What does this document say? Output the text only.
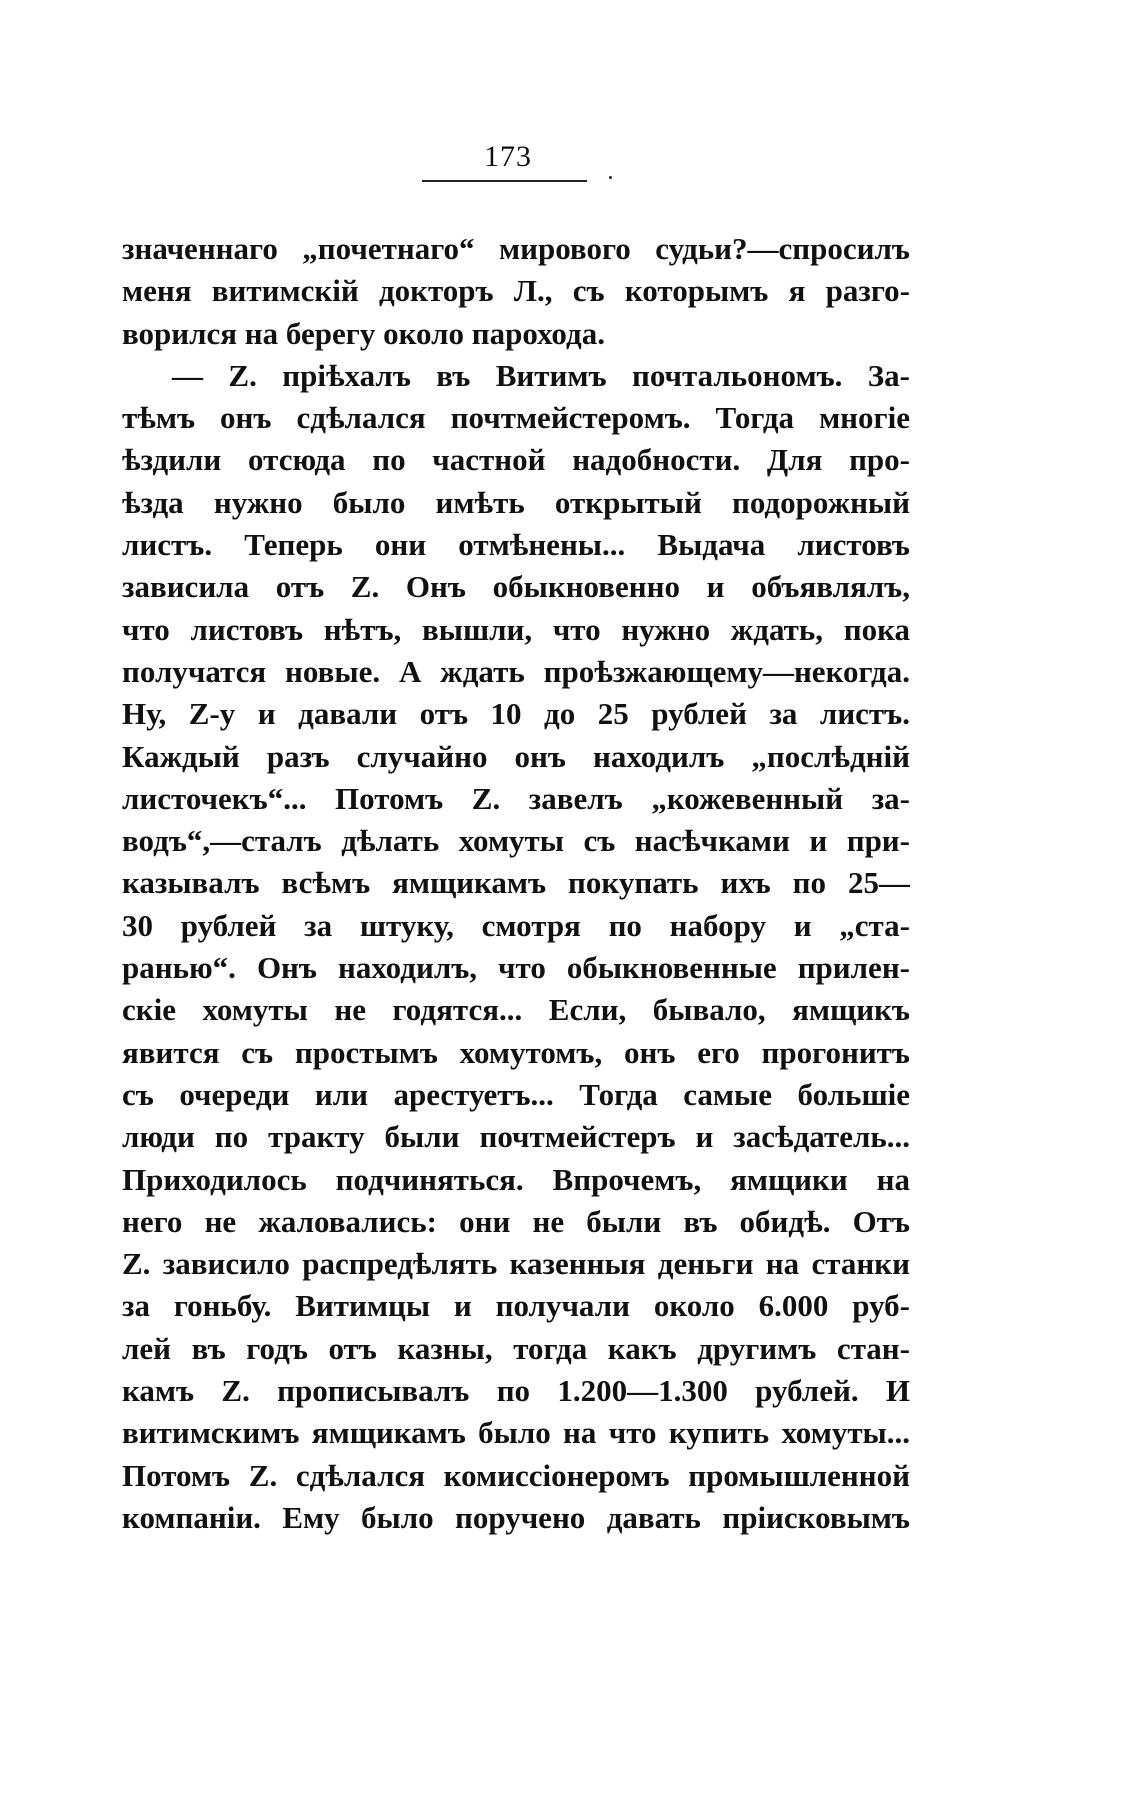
173
значеннаго „почетнаго“ мирового судьи?—спросилъ
меня витимскій докторъ Л., съ которымъ я разго-
ворился на берегу около парохода.
— Z. пріѣхалъ въ Витимъ почтальономъ. За-
тѣмъ онъ сдѣлался почтмейстеромъ. Тогда многіе
ѣздили отсюда по частной надобности. Для про-
ѣзда нужно было имѣть открытый подорожный
листъ. Теперь они отмѣнены... Выдача листовъ
зависила отъ Z. Онъ обыкновенно и объявлялъ,
что листовъ нѣтъ, вышли, что нужно ждать, пока
получатся новые. А ждать проѣзжающему—некогда.
Ну, Z-у и давали отъ 10 до 25 рублей за листъ.
Каждый разъ случайно онъ находилъ „послѣдній
листочекъ“... Потомъ Z. завелъ „кожевенный за-
водъ“,—сталъ дѣлать хомуты съ насѣчками и при-
казывалъ всѣмъ ямщикамъ покупать ихъ по 25—
30 рублей за штуку, смотря по набору и „ста-
ранью“. Онъ находилъ, что обыкновенные прилен-
скіе хомуты не годятся... Если, бывало, ямщикъ
явится съ простымъ хомутомъ, онъ его прогонитъ
съ очереди или арестуетъ... Тогда самые большіе
люди по тракту были почтмейстеръ и засѣдатель...
Приходилось подчиняться. Впрочемъ, ямщики на
него не жаловались: они не были въ обидѣ. Отъ
Z. зависило распредѣлять казенныя деньги на станки
за гоньбу. Витимцы и получали около 6.000 руб-
лей въ годъ отъ казны, тогда какъ другимъ стан-
камъ Z. прописывалъ по 1.200—1.300 рублей. И
витимскимъ ямщикамъ было на что купить хомуты...
Потомъ Z. сдѣлался комиссіонеромъ промышленной
компаніи. Ему было поручено давать пріисковымъ
